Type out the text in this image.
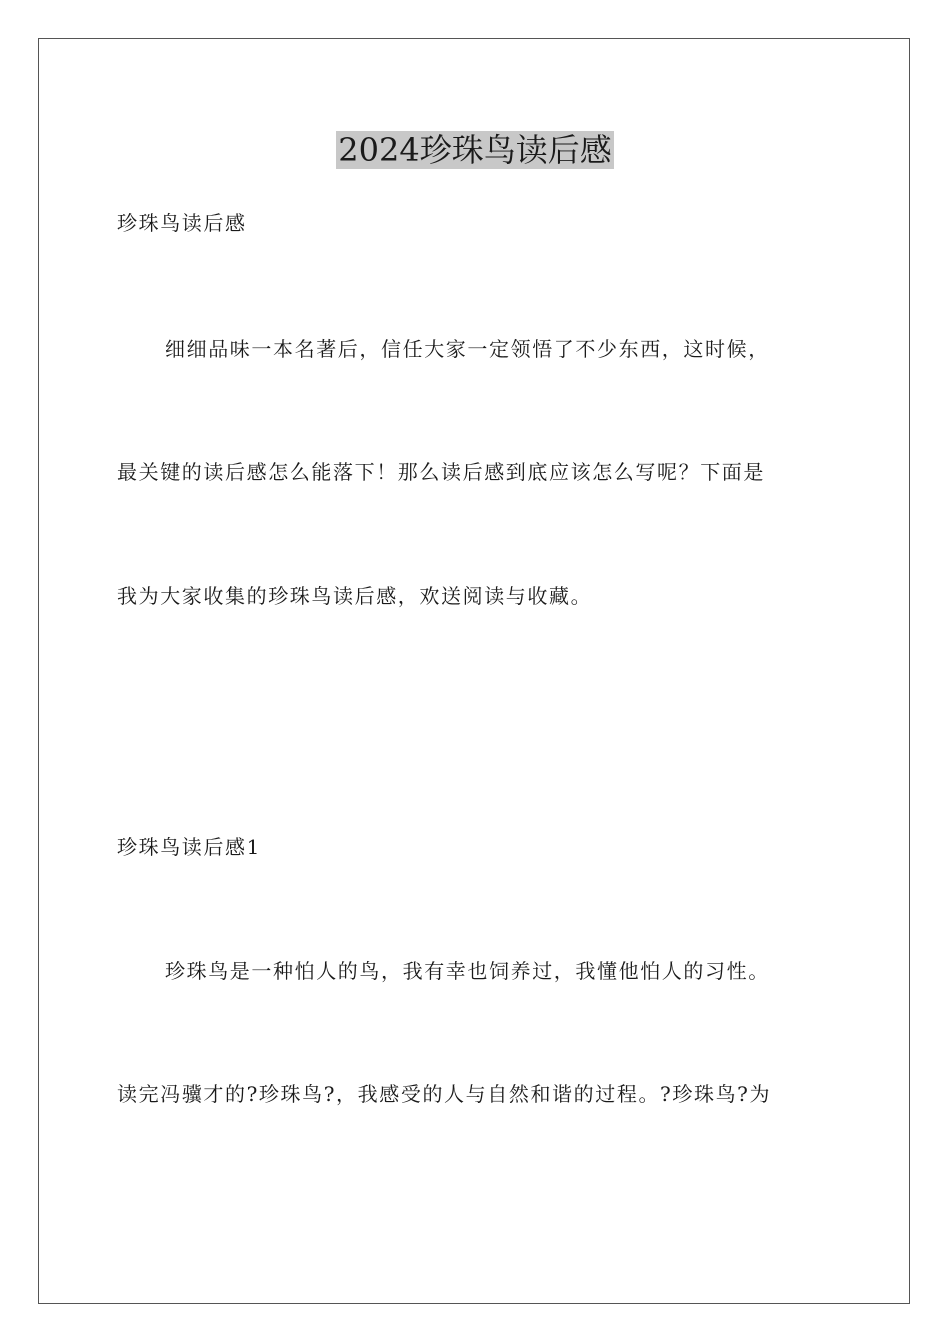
2024珍珠鸟读后感
珍珠鸟读后感
细细品味一本名著后，信任大家一定领悟了不少东西，这时候，
最关键的读后感怎么能落下！那么读后感到底应该怎么写呢？下面是
我为大家收集的珍珠鸟读后感，欢送阅读与收藏。
珍珠鸟读后感1
珍珠鸟是一种怕人的鸟，我有幸也饲养过，我懂他怕人的习性。
读完冯骥才的?珍珠鸟?，我感受的人与自然和谐的过程。?珍珠鸟?为
